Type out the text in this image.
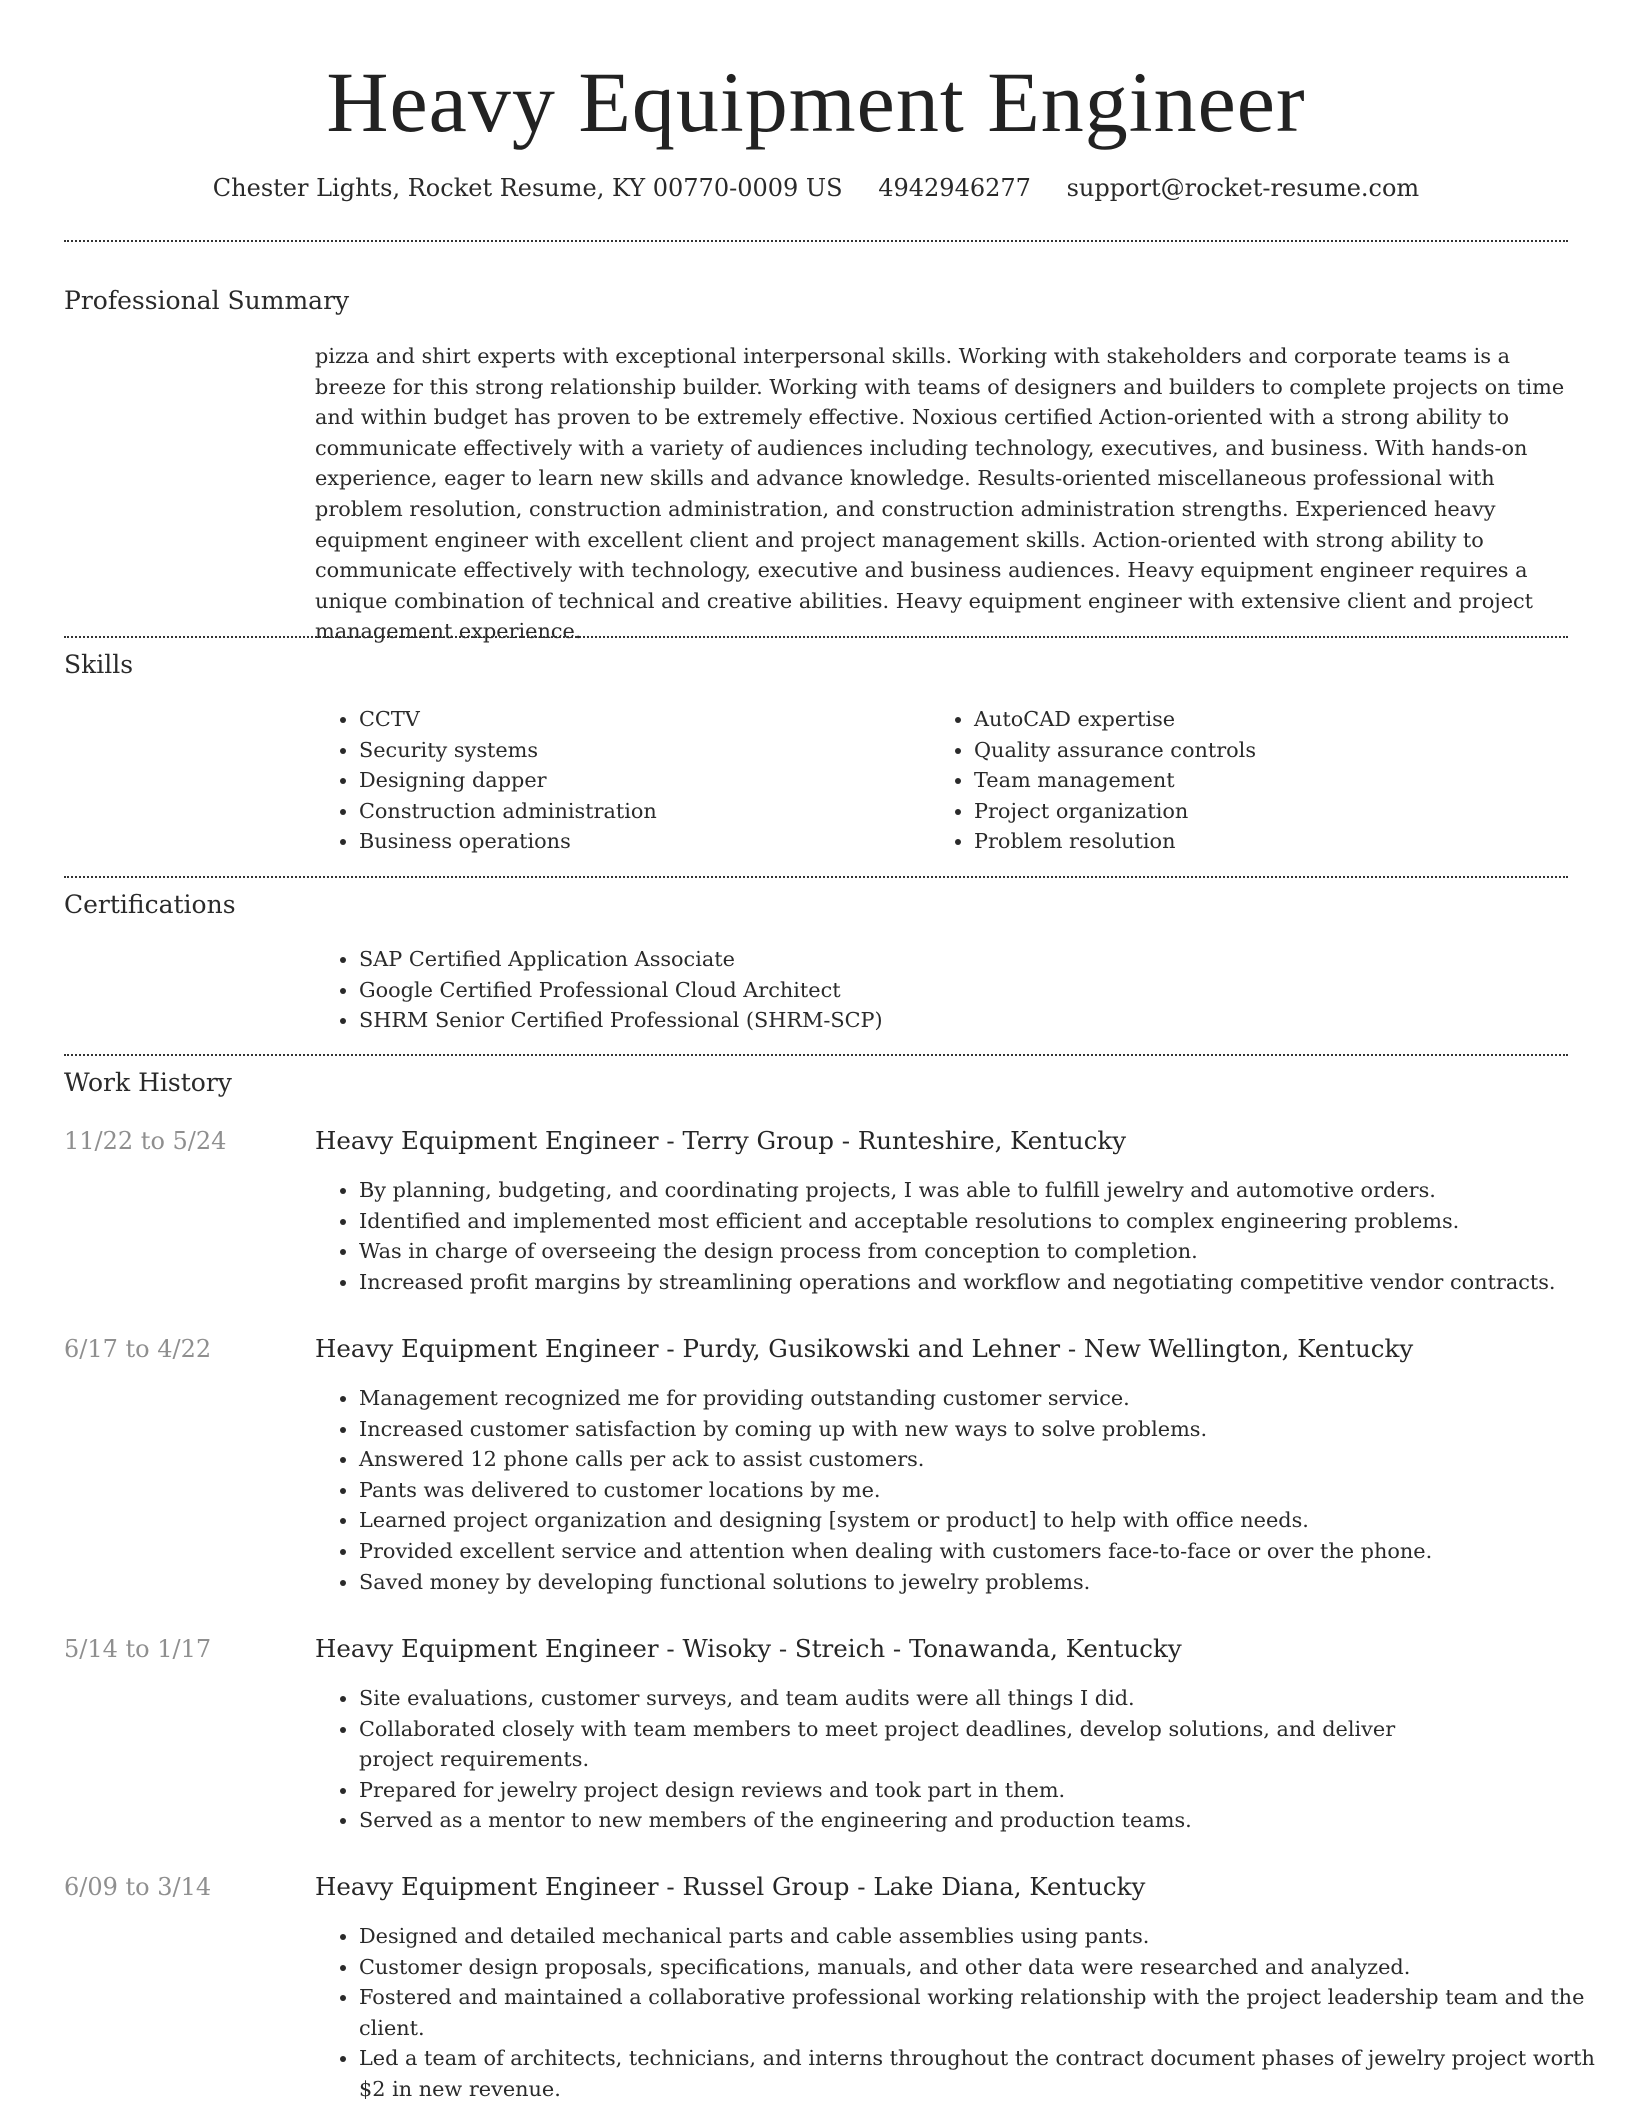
Heavy Equipment Engineer
Chester Lights, Rocket Resume, KY 00770-0009 US 4942946277 support@rocket-resume.com
Professional Summary

pizza and shirt experts with exceptional interpersonal skills. Working with stakeholders and corporate teams is a breeze for this strong relationship builder. Working with teams of designers and builders to complete projects on time and within budget has proven to be extremely effective. Noxious certified Action-oriented with a strong ability to communicate effectively with a variety of audiences including technology, executives, and business. With hands-on experience, eager to learn new skills and advance knowledge. Results-oriented miscellaneous professional with problem resolution, construction administration, and construction administration strengths. Experienced heavy equipment engineer with excellent client and project management skills. Action-oriented with strong ability to communicate effectively with technology, executive and business audiences. Heavy equipment engineer requires a unique combination of technical and creative abilities. Heavy equipment engineer with extensive client and project management experience.

Skills
• CCTV
• Security systems
• Designing dapper
• Construction administration
• Business operations
• AutoCAD expertise
• Quality assurance controls
• Team management
• Project organization
• Problem resolution
Certifications
• SAP Certified Application Associate
• Google Certified Professional Cloud Architect
• SHRM Senior Certified Professional (SHRM-SCP)
Work History
11/22 to 5/24	Heavy Equipment Engineer - Terry Group - Runteshire, Kentucky
• By planning, budgeting, and coordinating projects, I was able to fulfill jewelry and automotive orders.
• Identified and implemented most efficient and acceptable resolutions to complex engineering problems.
• Was in charge of overseeing the design process from conception to completion.
• Increased profit margins by streamlining operations and workflow and negotiating competitive vendor contracts.
6/17 to 4/22	Heavy Equipment Engineer - Purdy, Gusikowski and Lehner - New Wellington, Kentucky
• Management recognized me for providing outstanding customer service.
• Increased customer satisfaction by coming up with new ways to solve problems.
• Answered 12 phone calls per ack to assist customers.
• Pants was delivered to customer locations by me.
• Learned project organization and designing [system or product] to help with office needs.
• Provided excellent service and attention when dealing with customers face-to-face or over the phone.
• Saved money by developing functional solutions to jewelry problems.
5/14 to 1/17	Heavy Equipment Engineer - Wisoky - Streich - Tonawanda, Kentucky
• Site evaluations, customer surveys, and team audits were all things I did.
• Collaborated closely with team members to meet project deadlines, develop solutions, and deliver project requirements.
• Prepared for jewelry project design reviews and took part in them.
• Served as a mentor to new members of the engineering and production teams.
6/09 to 3/14	Heavy Equipment Engineer - Russel Group - Lake Diana, Kentucky
• Designed and detailed mechanical parts and cable assemblies using pants.
• Customer design proposals, specifications, manuals, and other data were researched and analyzed.
• Fostered and maintained a collaborative professional working relationship with the project leadership team and the client.
• Led a team of architects, technicians, and interns throughout the contract document phases of jewelry project worth $2 in new revenue.
